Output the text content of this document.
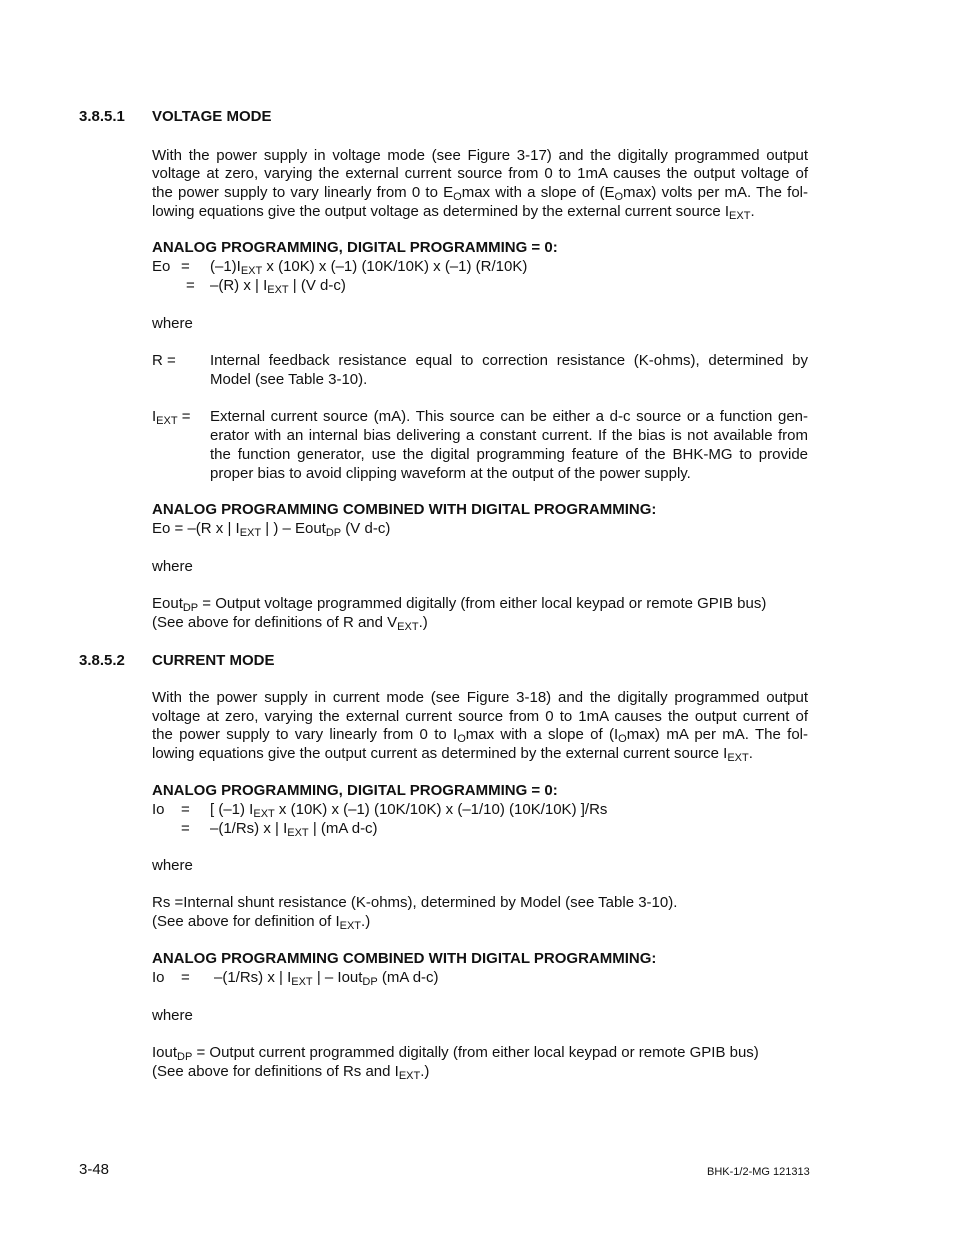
3.8.5.1 VOLTAGE MODE
With the power supply in voltage mode (see Figure 3-17) and the digitally programmed output
voltage at zero, varying the external current source from 0 to 1mA causes the output voltage of
the power supply to vary linearly from 0 to $E_O\max$ with a slope of $(E_O\max)$ volts per mA. The fol-
lowing equations give the output voltage as determined by the external current source $I_{EXT}$.
ANALOG PROGRAMMING, DIGITAL PROGRAMMING = 0:
$Eo = (-1)I_{EXT}$ x (10K) x (–1) (10K/10K) x (–1) (R/10K)
= –(R) x | $I_{EXT}$ | (V d-c)
where
R = Internal feedback resistance equal to correction resistance (K-ohms), determined by
Model (see Table 3-10).
$I_{EXT}$ = External current source (mA). This source can be either a d-c source or a function gen-
erator with an internal bias delivering a constant current. If the bias is not available from
the function generator, use the digital programming feature of the BHK-MG to provide
proper bias to avoid clipping waveform at the output of the power supply.
ANALOG PROGRAMMING COMBINED WITH DIGITAL PROGRAMMING:
Eo = –(R x | $I_{EXT}$ | ) – Eout$_{DP}$ (V d-c)
where
Eout$_{DP}$ = Output voltage programmed digitally (from either local keypad or remote GPIB bus)
(See above for definitions of R and $V_{EXT}$.)
3.8.5.2 CURRENT MODE
With the power supply in current mode (see Figure 3-18) and the digitally programmed output
voltage at zero, varying the external current source from 0 to 1mA causes the output current of
the power supply to vary linearly from 0 to $I_O\max$ with a slope of $(I_O\max)$ mA per mA. The fol-
lowing equations give the output current as determined by the external current source $I_{EXT}$.
ANALOG PROGRAMMING, DIGITAL PROGRAMMING = 0:
Io = [ (–1) $I_{EXT}$ x (10K) x (–1) (10K/10K) x (–1/10) (10K/10K) ]/Rs
= –(1/Rs) x | $I_{EXT}$ | (mA d-c)
where
Rs =Internal shunt resistance (K-ohms), determined by Model (see Table 3-10).
(See above for definition of $I_{EXT}$.)
ANALOG PROGRAMMING COMBINED WITH DIGITAL PROGRAMMING:
Io = –(1/Rs) x | $I_{EXT}$ | – Iout$_{DP}$ (mA d-c)
where
Iout$_{DP}$ = Output current programmed digitally (from either local keypad or remote GPIB bus)
(See above for definitions of Rs and $I_{EXT}$.)
3-48	BHK-1/2-MG 121313
